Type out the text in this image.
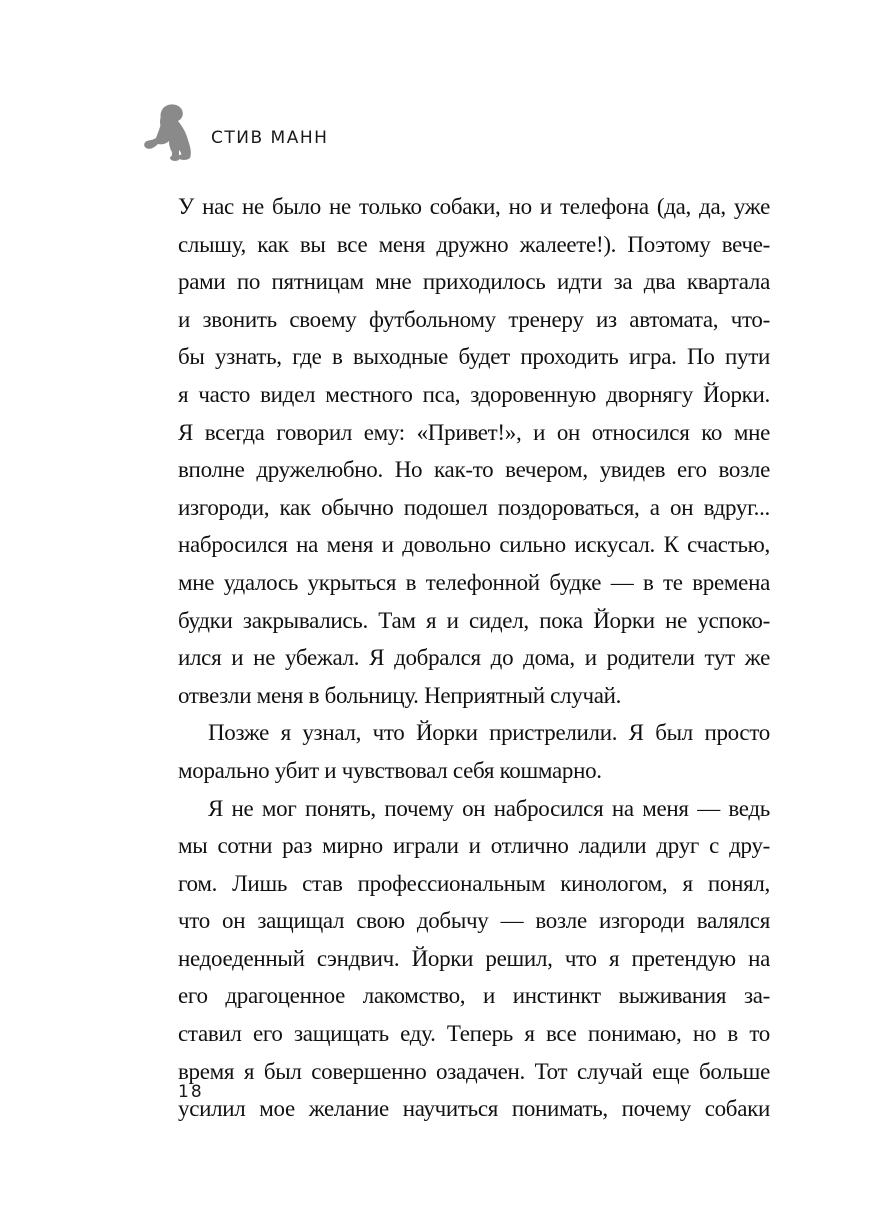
СТИВ МАНН
У нас не было не только собаки, но и телефона (да, да, уже
слышу, как вы все меня дружно жалеете!). Поэтому вече-
рами по пятницам мне приходилось идти за два квартала
и звонить своему футбольному тренеру из автомата, что-
бы узнать, где в выходные будет проходить игра. По пути
я часто видел местного пса, здоровенную дворнягу Йорки.
Я всегда говорил ему: «Привет!», и он относился ко мне
вполне дружелюбно. Но как-то вечером, увидев его возле
изгороди, как обычно подошел поздороваться, а он вдруг...
набросился на меня и довольно сильно искусал. К счастью,
мне удалось укрыться в телефонной будке — в те времена
будки закрывались. Там я и сидел, пока Йорки не успоко-
ился и не убежал. Я добрался до дома, и родители тут же
отвезли меня в больницу. Неприятный случай.
Позже я узнал, что Йорки пристрелили. Я был просто
морально убит и чувствовал себя кошмарно.
Я не мог понять, почему он набросился на меня — ведь
мы сотни раз мирно играли и отлично ладили друг с дру-
гом. Лишь став профессиональным кинологом, я понял,
что он защищал свою добычу — возле изгороди валялся
недоеденный сэндвич. Йорки решил, что я претендую на
его драгоценное лакомство, и инстинкт выживания за-
ставил его защищать еду. Теперь я все понимаю, но в то
время я был совершенно озадачен. Тот случай еще больше
усилил мое желание научиться понимать, почему собаки
18
